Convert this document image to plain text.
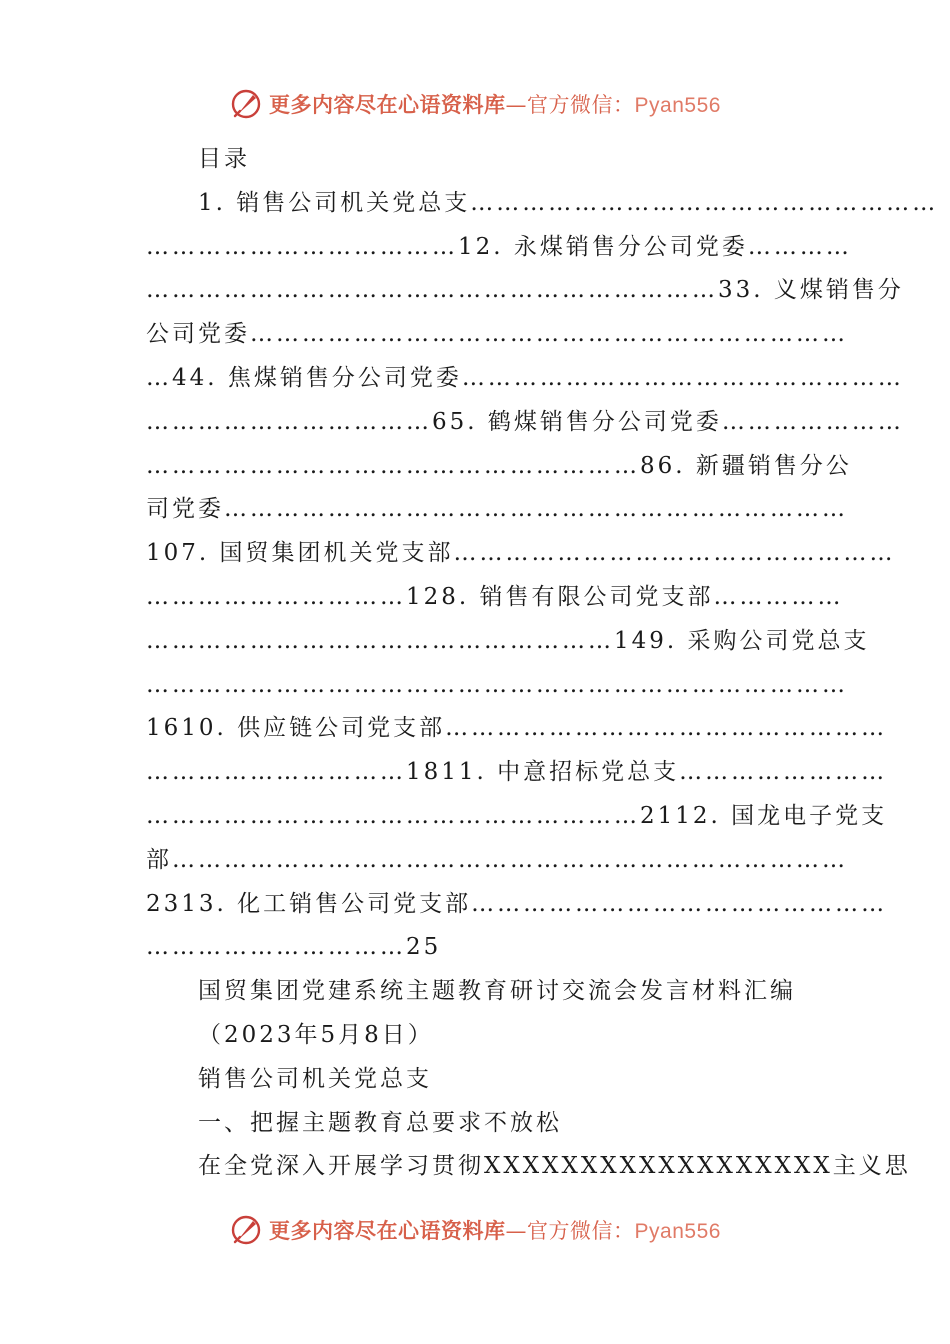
更多内容尽在心语资料库—官方微信：Pyan556

目录

1. 销售公司机关党总支………………………………………………

………………………………12. 永煤销售分公司党委…………

…………………………………………………………33. 义煤销售分

公司党委……………………………………………………………

…44. 焦煤销售分公司党委……………………………………………

……………………………65. 鹤煤销售分公司党委…………………

…………………………………………………86. 新疆销售分公

司党委………………………………………………………………

107. 国贸集团机关党支部……………………………………………

…………………………128. 销售有限公司党支部……………

………………………………………………149. 采购公司党总支

………………………………………………………………………

1610. 供应链公司党支部……………………………………………

…………………………1811. 中意招标党总支……………………

…………………………………………………2112. 国龙电子党支

部……………………………………………………………………

2313. 化工销售公司党支部…………………………………………

…………………………25

国贸集团党建系统主题教育研讨交流会发言材料汇编

（2023年5月8日）

销售公司机关党总支

一、把握主题教育总要求不放松

在全党深入开展学习贯彻XXXXXXXXXXXXXXXXXX主义思

更多内容尽在心语资料库—官方微信：Pyan556
